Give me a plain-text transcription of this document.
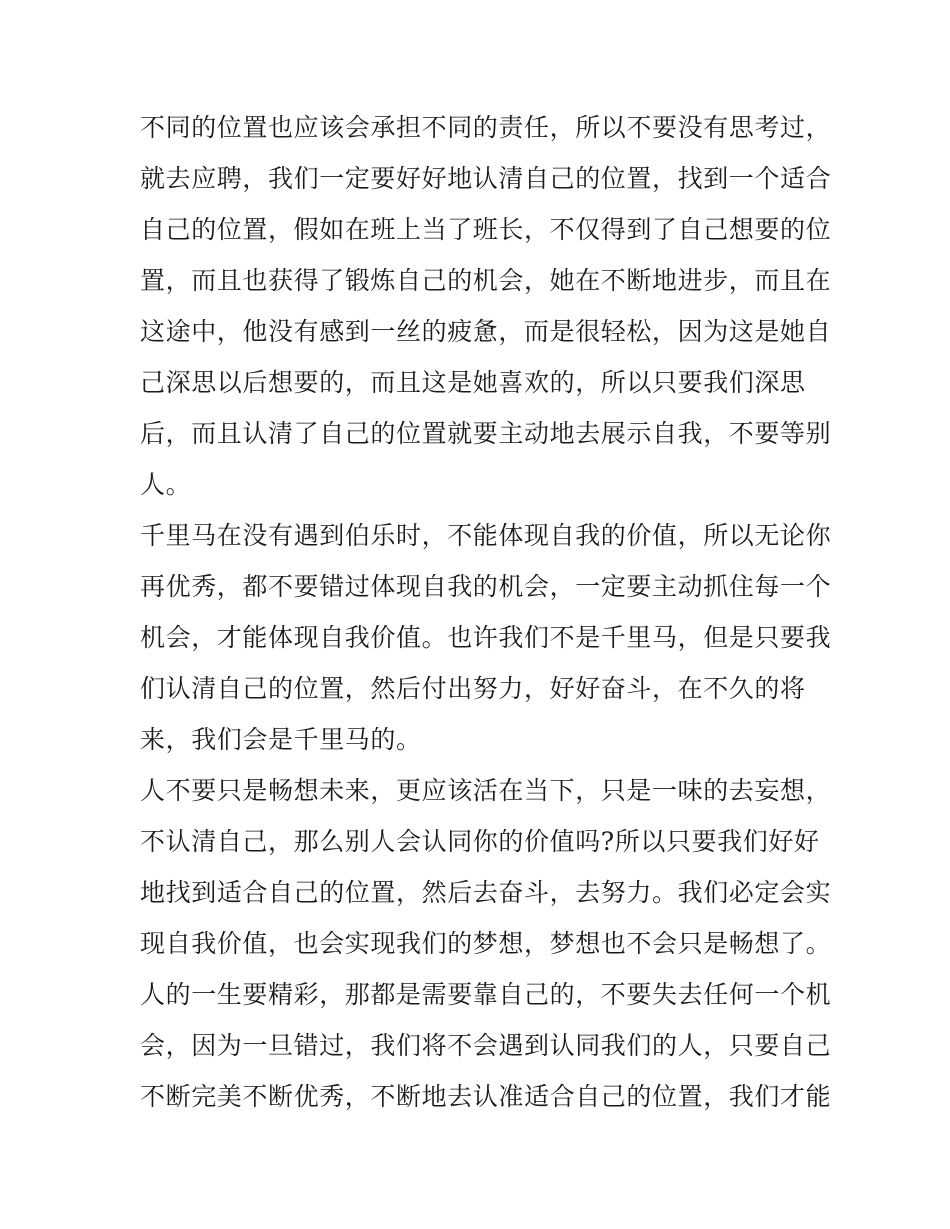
不同的位置也应该会承担不同的责任，所以不要没有思考过，
就去应聘，我们一定要好好地认清自己的位置，找到一个适合
自己的位置，假如在班上当了班长，不仅得到了自己想要的位
置，而且也获得了锻炼自己的机会，她在不断地进步，而且在
这途中，他没有感到一丝的疲惫，而是很轻松，因为这是她自
己深思以后想要的，而且这是她喜欢的，所以只要我们深思
后，而且认清了自己的位置就要主动地去展示自我，不要等别
人。
千里马在没有遇到伯乐时，不能体现自我的价值，所以无论你
再优秀，都不要错过体现自我的机会，一定要主动抓住每一个
机会，才能体现自我价值。也许我们不是千里马，但是只要我
们认清自己的位置，然后付出努力，好好奋斗，在不久的将
来，我们会是千里马的。
人不要只是畅想未来，更应该活在当下，只是一味的去妄想，
不认清自己，那么别人会认同你的价值吗?所以只要我们好好
地找到适合自己的位置，然后去奋斗，去努力。我们必定会实
现自我价值，也会实现我们的梦想，梦想也不会只是畅想了。
人的一生要精彩，那都是需要靠自己的，不要失去任何一个机
会，因为一旦错过，我们将不会遇到认同我们的人，只要自己
不断完美不断优秀，不断地去认准适合自己的位置，我们才能
